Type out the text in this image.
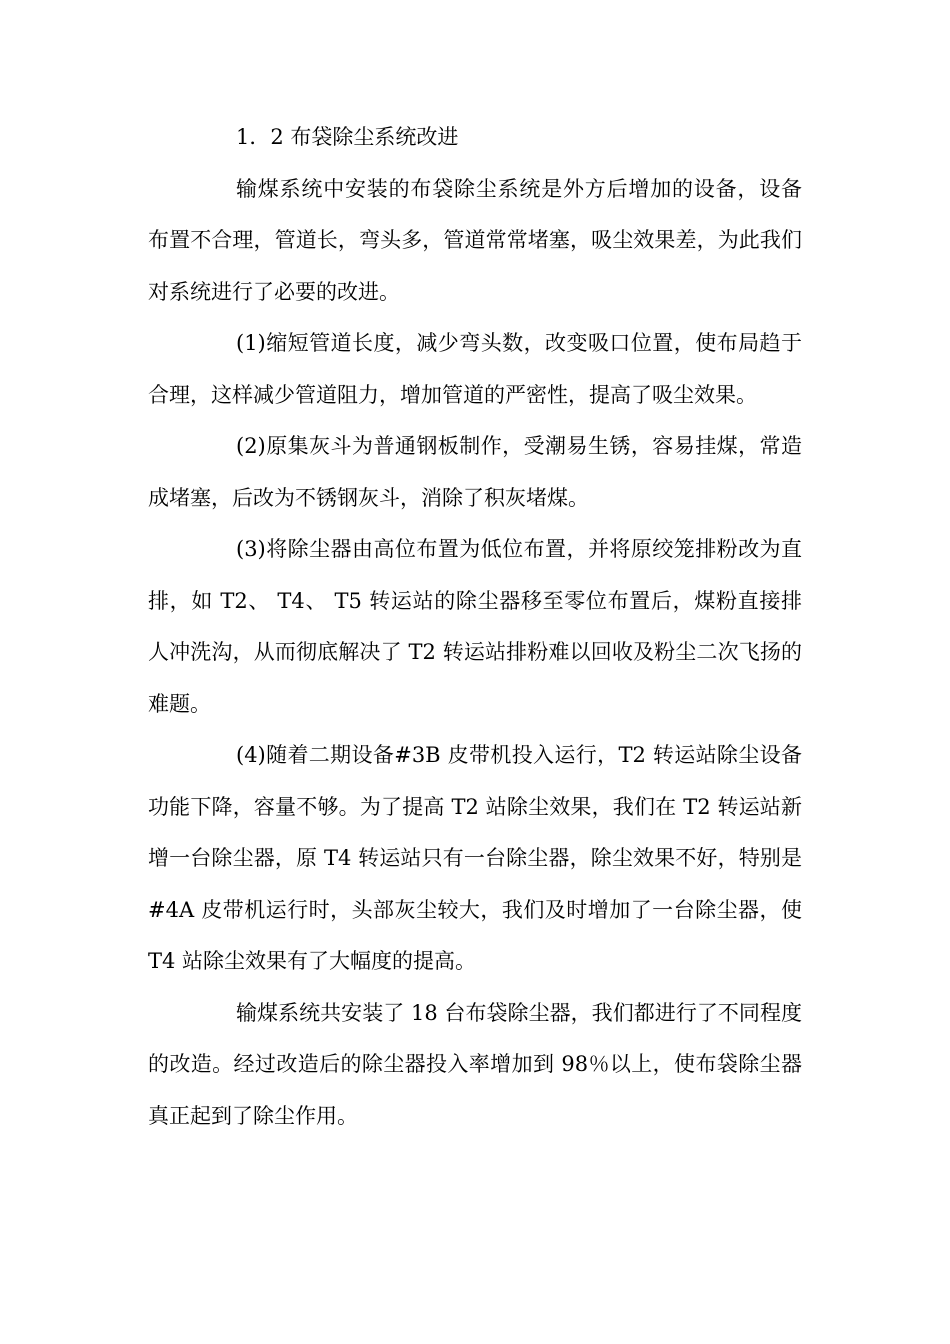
1．2 布袋除尘系统改进

输煤系统中安装的布袋除尘系统是外方后增加的设备，设备布置不合理，管道长，弯头多，管道常常堵塞，吸尘效果差，为此我们对系统进行了必要的改进。

(1)缩短管道长度，减少弯头数，改变吸口位置，使布局趋于合理，这样减少管道阻力，增加管道的严密性，提高了吸尘效果。

(2)原集灰斗为普通钢板制作，受潮易生锈，容易挂煤，常造成堵塞，后改为不锈钢灰斗，消除了积灰堵煤。

(3)将除尘器由高位布置为低位布置，并将原绞笼排粉改为直排，如 T2、 T4、 T5 转运站的除尘器移至零位布置后，煤粉直接排人冲洗沟，从而彻底解决了 T2 转运站排粉难以回收及粉尘二次飞扬的难题。

(4)随着二期设备#3B 皮带机投入运行，T2 转运站除尘设备功能下降，容量不够。为了提高 T2 站除尘效果，我们在 T2 转运站新增一台除尘器，原 T4 转运站只有一台除尘器，除尘效果不好，特别是#4A 皮带机运行时，头部灰尘较大，我们及时增加了一台除尘器，使 T4 站除尘效果有了大幅度的提高。

输煤系统共安装了 18 台布袋除尘器，我们都进行了不同程度的改造。经过改造后的除尘器投入率增加到 98％以上，使布袋除尘器真正起到了除尘作用。
